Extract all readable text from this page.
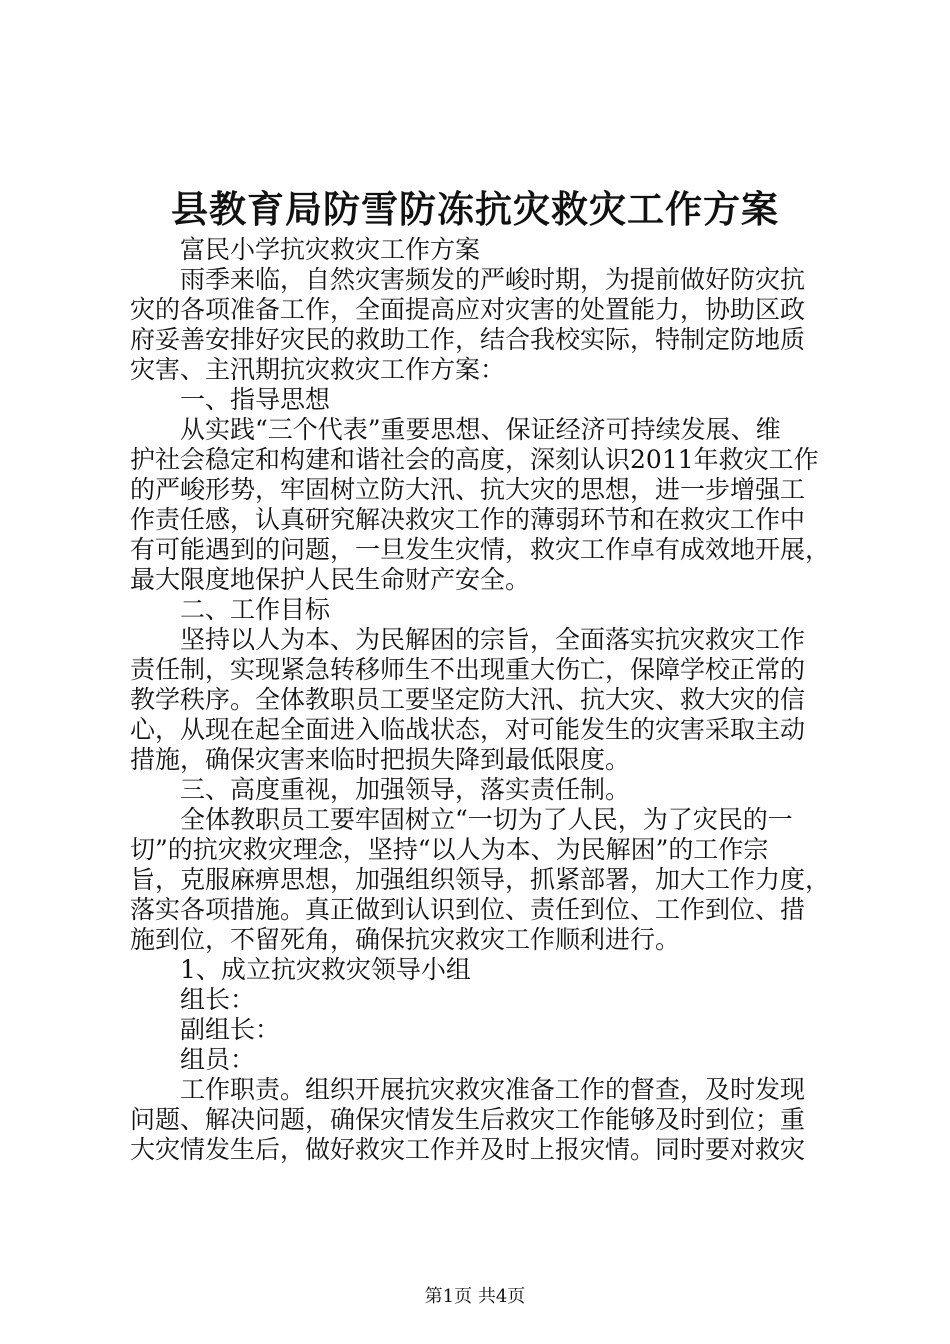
县教育局防雪防冻抗灾救灾工作方案

富民小学抗灾救灾工作方案

雨季来临，自然灾害频发的严峻时期，为提前做好防灾抗

灾的各项准备工作，全面提高应对灾害的处置能力，协助区政

府妥善安排好灾民的救助工作，结合我校实际，特制定防地质

灾害、主汛期抗灾救灾工作方案：

一、指导思想

从实践“三个代表”重要思想、保证经济可持续发展、维

护社会稳定和构建和谐社会的高度，深刻认识2011年救灾工作

的严峻形势，牢固树立防大汛、抗大灾的思想，进一步增强工

作责任感，认真研究解决救灾工作的薄弱环节和在救灾工作中

有可能遇到的问题，一旦发生灾情，救灾工作卓有成效地开展，

最大限度地保护人民生命财产安全。

二、工作目标

坚持以人为本、为民解困的宗旨，全面落实抗灾救灾工作

责任制，实现紧急转移师生不出现重大伤亡，保障学校正常的

教学秩序。全体教职员工要坚定防大汛、抗大灾、救大灾的信

心，从现在起全面进入临战状态，对可能发生的灾害采取主动

措施，确保灾害来临时把损失降到最低限度。

三、高度重视，加强领导，落实责任制。

全体教职员工要牢固树立“一切为了人民，为了灾民的一

切”的抗灾救灾理念，坚持“以人为本、为民解困”的工作宗

旨，克服麻痹思想，加强组织领导，抓紧部署，加大工作力度，

落实各项措施。真正做到认识到位、责任到位、工作到位、措

施到位，不留死角，确保抗灾救灾工作顺利进行。

1、成立抗灾救灾领导小组

组长：

副组长：

组员：

工作职责。组织开展抗灾救灾准备工作的督查，及时发现

问题、解决问题，确保灾情发生后救灾工作能够及时到位；重

大灾情发生后，做好救灾工作并及时上报灾情。同时要对救灾

第1页 共4页
